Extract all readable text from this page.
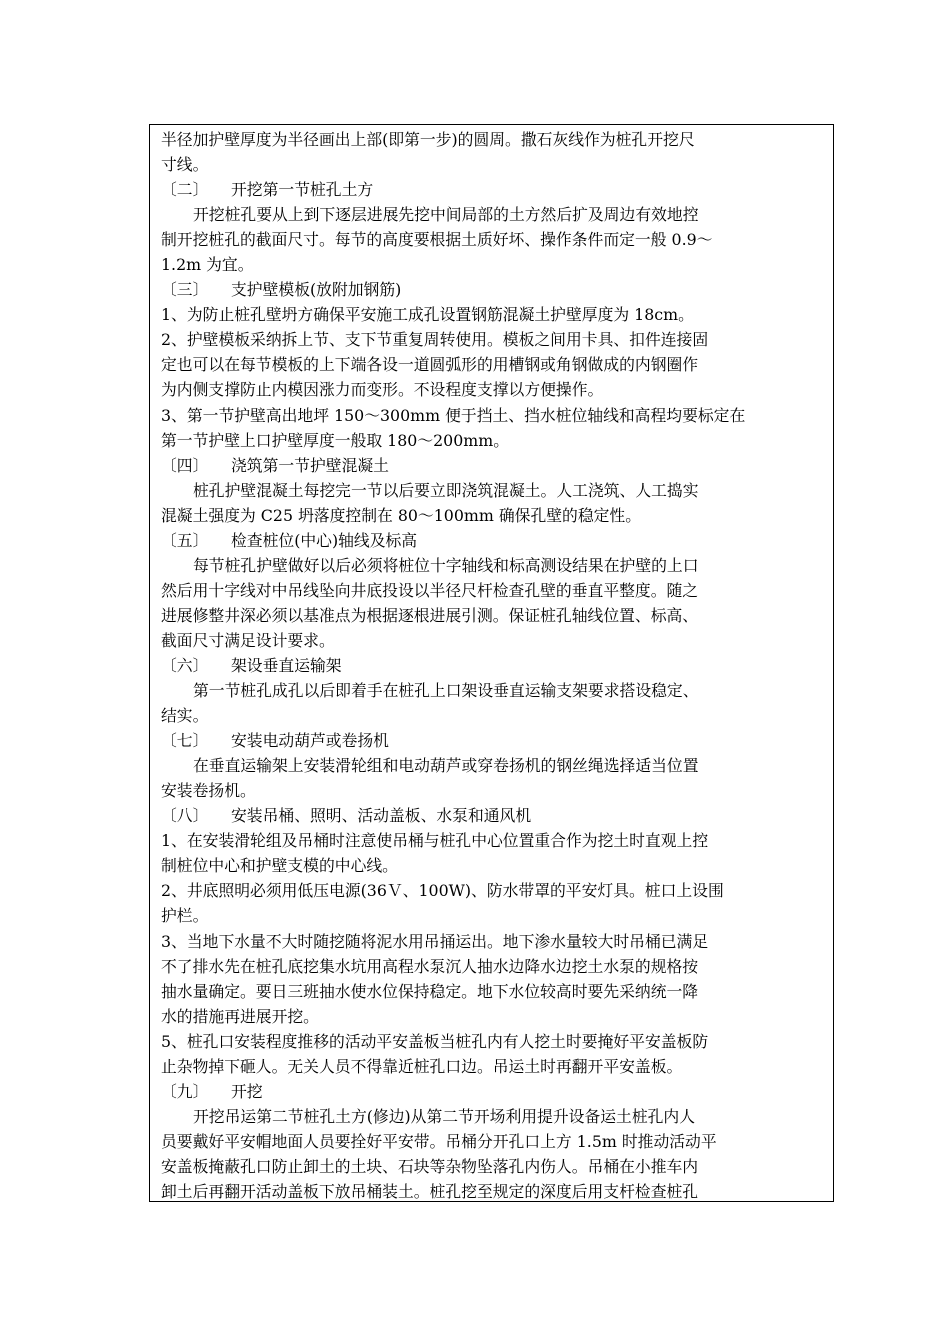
半径加护壁厚度为半径画出上部(即第一步)的圆周。撒石灰线作为桩孔开挖尺
寸线。
〔二〕 开挖第一节桩孔土方
开挖桩孔要从上到下逐层进展先挖中间局部的土方然后扩及周边有效地控
制开挖桩孔的截面尺寸。每节的高度要根据土质好坏、操作条件而定一般 0.9～
1.2m 为宜。
〔三〕 支护壁模板(放附加钢筋)
1、为防止桩孔壁坍方确保平安施工成孔设置钢筋混凝土护壁厚度为 18cm。
2、护壁模板采纳拆上节、支下节重复周转使用。模板之间用卡具、扣件连接固
定也可以在每节模板的上下端各设一道圆弧形的用槽钢或角钢做成的内钢圈作
为内侧支撑防止内模因涨力而变形。不设程度支撑以方便操作。
3、第一节护壁高出地坪 150～300mm 便于挡土、挡水桩位轴线和高程均要标定在
第一节护壁上口护壁厚度一般取 180～200mm。
〔四〕 浇筑第一节护壁混凝土
桩孔护壁混凝土每挖完一节以后要立即浇筑混凝土。人工浇筑、人工捣实
混凝土强度为 C25 坍落度控制在 80～100mm 确保孔壁的稳定性。
〔五〕 检查桩位(中心)轴线及标高
每节桩孔护壁做好以后必须将桩位十字轴线和标高测设结果在护壁的上口
然后用十字线对中吊线坠向井底投设以半径尺杆检查孔壁的垂直平整度。随之
进展修整井深必须以基准点为根据逐根进展引测。保证桩孔轴线位置、标高、
截面尺寸满足设计要求。
〔六〕 架设垂直运输架
第一节桩孔成孔以后即着手在桩孔上口架设垂直运输支架要求搭设稳定、
结实。
〔七〕 安装电动葫芦或卷扬机
在垂直运输架上安装滑轮组和电动葫芦或穿卷扬机的钢丝绳选择适当位置
安装卷扬机。
〔八〕 安装吊桶、照明、活动盖板、水泵和通风机
1、在安装滑轮组及吊桶时注意使吊桶与桩孔中心位置重合作为挖土时直观上控
制桩位中心和护壁支模的中心线。
2、井底照明必须用低压电源(36Ｖ、100W)、防水带罩的平安灯具。桩口上设围
护栏。
3、当地下水量不大时随挖随将泥水用吊捅运出。地下渗水量较大时吊桶已满足
不了排水先在桩孔底挖集水坑用高程水泵沉人抽水边降水边挖土水泵的规格按
抽水量确定。要日三班抽水使水位保持稳定。地下水位较高时要先采纳统一降
水的措施再进展开挖。
5、桩孔口安装程度推移的活动平安盖板当桩孔内有人挖土时要掩好平安盖板防
止杂物掉下砸人。无关人员不得靠近桩孔口边。吊运土时再翻开平安盖板。
〔九〕 开挖
开挖吊运第二节桩孔土方(修边)从第二节开场利用提升设备运土桩孔内人
员要戴好平安帽地面人员要拴好平安带。吊桶分开孔口上方 1.5m 时推动活动平
安盖板掩蔽孔口防止卸土的土块、石块等杂物坠落孔内伤人。吊桶在小推车内
卸土后再翻开活动盖板下放吊桶装土。桩孔挖至规定的深度后用支杆检查桩孔
